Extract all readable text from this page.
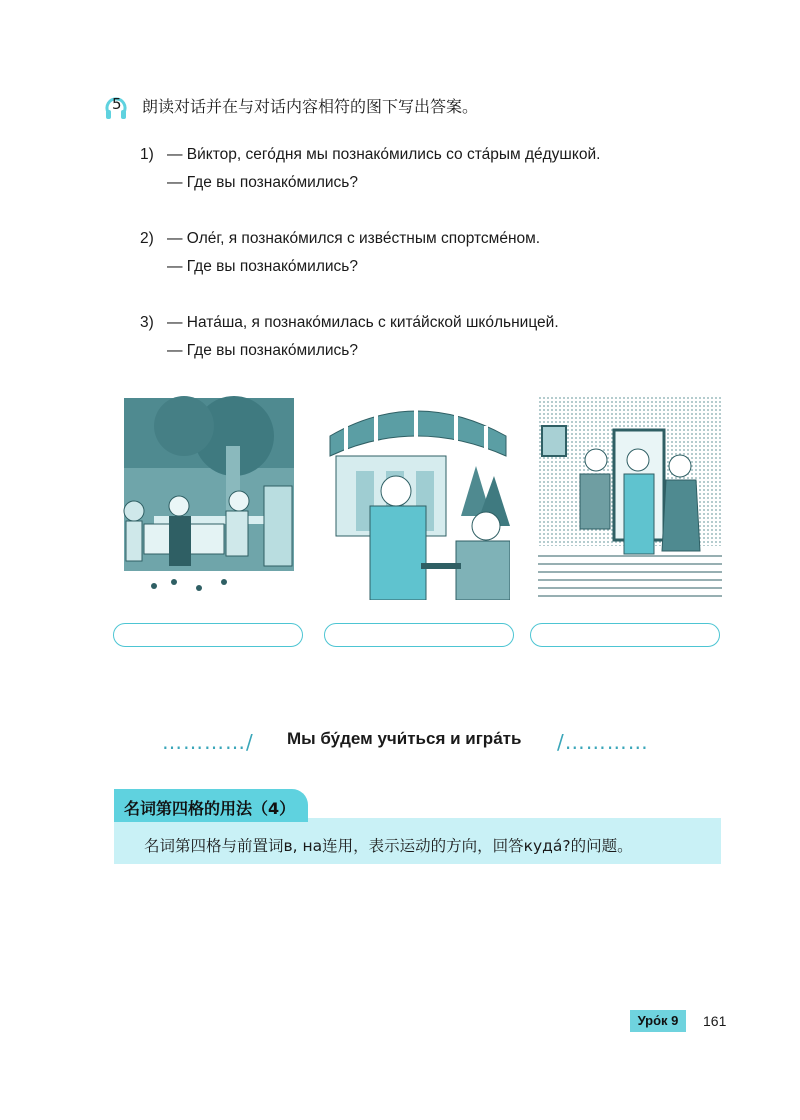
5 朗读对话并在与对话内容相符的图下写出答案。
1) — Ви́ктор, сего́дня мы познако́мились со ста́рым де́душкой.
— Где вы познако́мились?
2) — Оле́г, я познако́мился с изве́стным спортсме́ном.
— Где вы познако́мились?
3) — Ната́ша, я познако́милась с кита́йской шко́льницей.
— Где вы познако́мились?
…………/ Мы бу́дем учи́ться и игра́ть /…………
名词第四格与前置词в, на连用，表示运动的方向，回答куда́?的问题。
名词第四格的用法（4）
Уро́к 9	161
